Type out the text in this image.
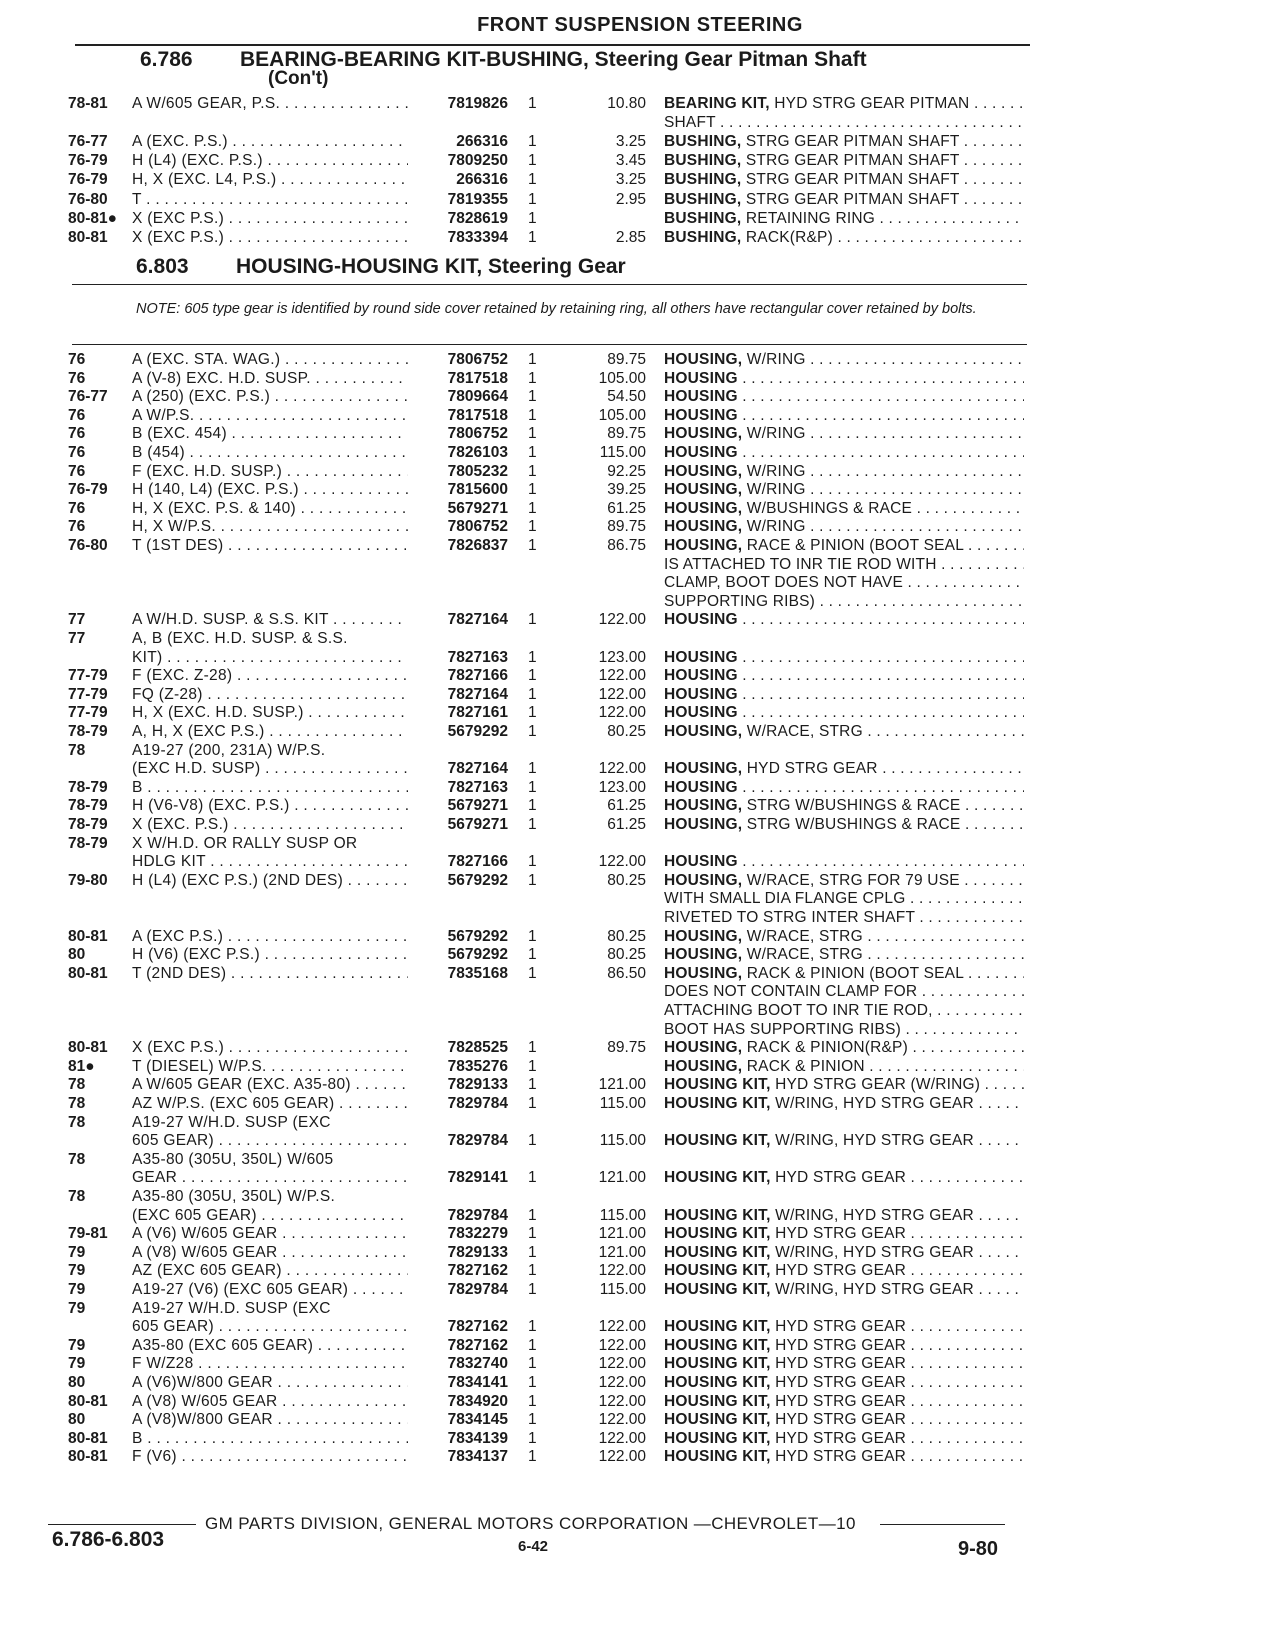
FRONT SUSPENSION STEERING
6.786 BEARING-BEARING KIT-BUSHING, Steering Gear Pitman Shaft
(Con't)
78-81	A W/605 GEAR, P.S. . . .	7819826 1	10.80 BEARING KIT, HYD STRG GEAR PITMAN . . .
SHAFT . . .
76-77	A (EXC. P.S.) . . .	266316 1	3.25 BUSHING, STRG GEAR PITMAN SHAFT . . .
76-79	H (L4) (EXC. P.S.) . . .	7809250 1	3.45 BUSHING, STRG GEAR PITMAN SHAFT . . .
76-79	H, X (EXC. L4, P.S.) . . .	266316 1	3.25 BUSHING, STRG GEAR PITMAN SHAFT . . .
76-80	T . . .	7819355 1	2.95 BUSHING, STRG GEAR PITMAN SHAFT . . .
80-81● X (EXC P.S.) . . .	7828619 1	BUSHING, RETAINING RING . . .
80-81	X (EXC P.S.) . . .	7833394 1	2.85 BUSHING, RACK(R&P) . . .
6.803 HOUSING-HOUSING KIT, Steering Gear
NOTE: 605 type gear is identified by round side cover retained by retaining ring, all others have rectangular cover retained by bolts.
76	A (EXC. STA. WAG.) . . .	7806752 1	89.75 HOUSING, W/RING . . .
76	A (V-8) EXC. H.D. SUSP. . . .	7817518 1	105.00 HOUSING . . .
76-77	A (250) (EXC. P.S.) . . .	7809664 1	54.50 HOUSING . . .
76	A W/P.S. . . .	7817518 1	105.00 HOUSING . . .
76	B (EXC. 454) . . .	7806752 1	89.75 HOUSING, W/RING . . .
76	B (454) . . .	7826103 1	115.00 HOUSING . . .
76	F (EXC. H.D. SUSP.) . . .	7805232 1	92.25 HOUSING, W/RING . . .
76-79	H (140, L4) (EXC. P.S.) . . .	7815600 1	39.25 HOUSING, W/RING . . .
76	H, X (EXC. P.S. & 140) . . .	5679271 1	61.25 HOUSING, W/BUSHINGS & RACE . . .
76	H, X W/P.S. . . .	7806752 1	89.75 HOUSING, W/RING . . .
76-80	T (1ST DES) . . .	7826837 1	86.75 HOUSING, RACE & PINION (BOOT SEAL . . .
IS ATTACHED TO INR TIE ROD WITH . . .
CLAMP, BOOT DOES NOT HAVE . . .
SUPPORTING RIBS) . . .
77	A W/H.D. SUSP. & S.S. KIT . . .	7827164 1	122.00 HOUSING . . .
77	A, B (EXC. H.D. SUSP. & S.S.
KIT) . . .	7827163 1	123.00 HOUSING . . .
77-79	F (EXC. Z-28) . . .	7827166 1	122.00 HOUSING . . .
77-79	FQ (Z-28) . . .	7827164 1	122.00 HOUSING . . .
77-79	H, X (EXC. H.D. SUSP.) . . .	7827161 1	122.00 HOUSING . . .
78-79	A, H, X (EXC P.S.) . . .	5679292 1	80.25 HOUSING, W/RACE, STRG . . .
78	A19-27 (200, 231A) W/P.S.
(EXC H.D. SUSP) . . .	7827164 1	122.00 HOUSING, HYD STRG GEAR . . .
78-79	B . . .	7827163 1	123.00 HOUSING . . .
78-79	H (V6-V8) (EXC. P.S.) . . .	5679271 1	61.25 HOUSING, STRG W/BUSHINGS & RACE . . .
78-79	X (EXC. P.S.) . . .	5679271 1	61.25 HOUSING, STRG W/BUSHINGS & RACE . . .
78-79	X W/H.D. OR RALLY SUSP OR
HDLG KIT . . .	7827166 1	122.00 HOUSING . . .
79-80	H (L4) (EXC P.S.) (2ND DES) . . .	5679292 1	80.25 HOUSING, W/RACE, STRG FOR 79 USE . . .
WITH SMALL DIA FLANGE CPLG . . .
RIVETED TO STRG INTER SHAFT . . .
80-81	A (EXC P.S.) . . .	5679292 1	80.25 HOUSING, W/RACE, STRG . . .
80	H (V6) (EXC P.S.) . . .	5679292 1	80.25 HOUSING, W/RACE, STRG . . .
80-81	T (2ND DES) . . .	7835168 1	86.50 HOUSING, RACK & PINION (BOOT SEAL . . .
DOES NOT CONTAIN CLAMP FOR . . .
ATTACHING BOOT TO INR TIE ROD, . . .
BOOT HAS SUPPORTING RIBS) . . .
80-81	X (EXC P.S.) . . .	7828525 1	89.75 HOUSING, RACK & PINION(R&P) . . .
81●	T (DIESEL) W/P.S. . . .	7835276 1	HOUSING, RACK & PINION . . .
78	A W/605 GEAR (EXC. A35-80) . . .	7829133 1	121.00 HOUSING KIT, HYD STRG GEAR (W/RING) . . .
78	AZ W/P.S. (EXC 605 GEAR) . . .	7829784 1	115.00 HOUSING KIT, W/RING, HYD STRG GEAR . . .
78	A19-27 W/H.D. SUSP (EXC
605 GEAR) . . .	7829784 1	115.00 HOUSING KIT, W/RING, HYD STRG GEAR . . .
78	A35-80 (305U, 350L) W/605
GEAR . . .	7829141 1	121.00 HOUSING KIT, HYD STRG GEAR . . .
78	A35-80 (305U, 350L) W/P.S.
(EXC 605 GEAR) . . .	7829784 1	115.00 HOUSING KIT, W/RING, HYD STRG GEAR . . .
79-81	A (V6) W/605 GEAR . . .	7832279 1	121.00 HOUSING KIT, HYD STRG GEAR . . .
79	A (V8) W/605 GEAR . . .	7829133 1	121.00 HOUSING KIT, W/RING, HYD STRG GEAR . . .
79	AZ (EXC 605 GEAR) . . .	7827162 1	122.00 HOUSING KIT, HYD STRG GEAR . . .
79	A19-27 (V6) (EXC 605 GEAR) . . .	7829784 1	115.00 HOUSING KIT, W/RING, HYD STRG GEAR . . .
79	A19-27 W/H.D. SUSP (EXC
605 GEAR) . . .	7827162 1	122.00 HOUSING KIT, HYD STRG GEAR . . .
79	A35-80 (EXC 605 GEAR) . . .	7827162 1	122.00 HOUSING KIT, HYD STRG GEAR . . .
79	F W/Z28 . . .	7832740 1	122.00 HOUSING KIT, HYD STRG GEAR . . .
80	A (V6)W/800 GEAR . . .	7834141 1	122.00 HOUSING KIT, HYD STRG GEAR . . .
80-81	A (V8) W/605 GEAR . . .	7834920 1	122.00 HOUSING KIT, HYD STRG GEAR . . .
80	A (V8)W/800 GEAR . . .	7834145 1	122.00 HOUSING KIT, HYD STRG GEAR . . .
80-81	B . . .	7834139 1	122.00 HOUSING KIT, HYD STRG GEAR . . .
80-81	F (V6) . . .	7834137 1	122.00 HOUSING KIT, HYD STRG GEAR . . .
GM PARTS DIVISION, GENERAL MOTORS CORPORATION —CHEVROLET—10
6.786-6.803	6-42	9-80
